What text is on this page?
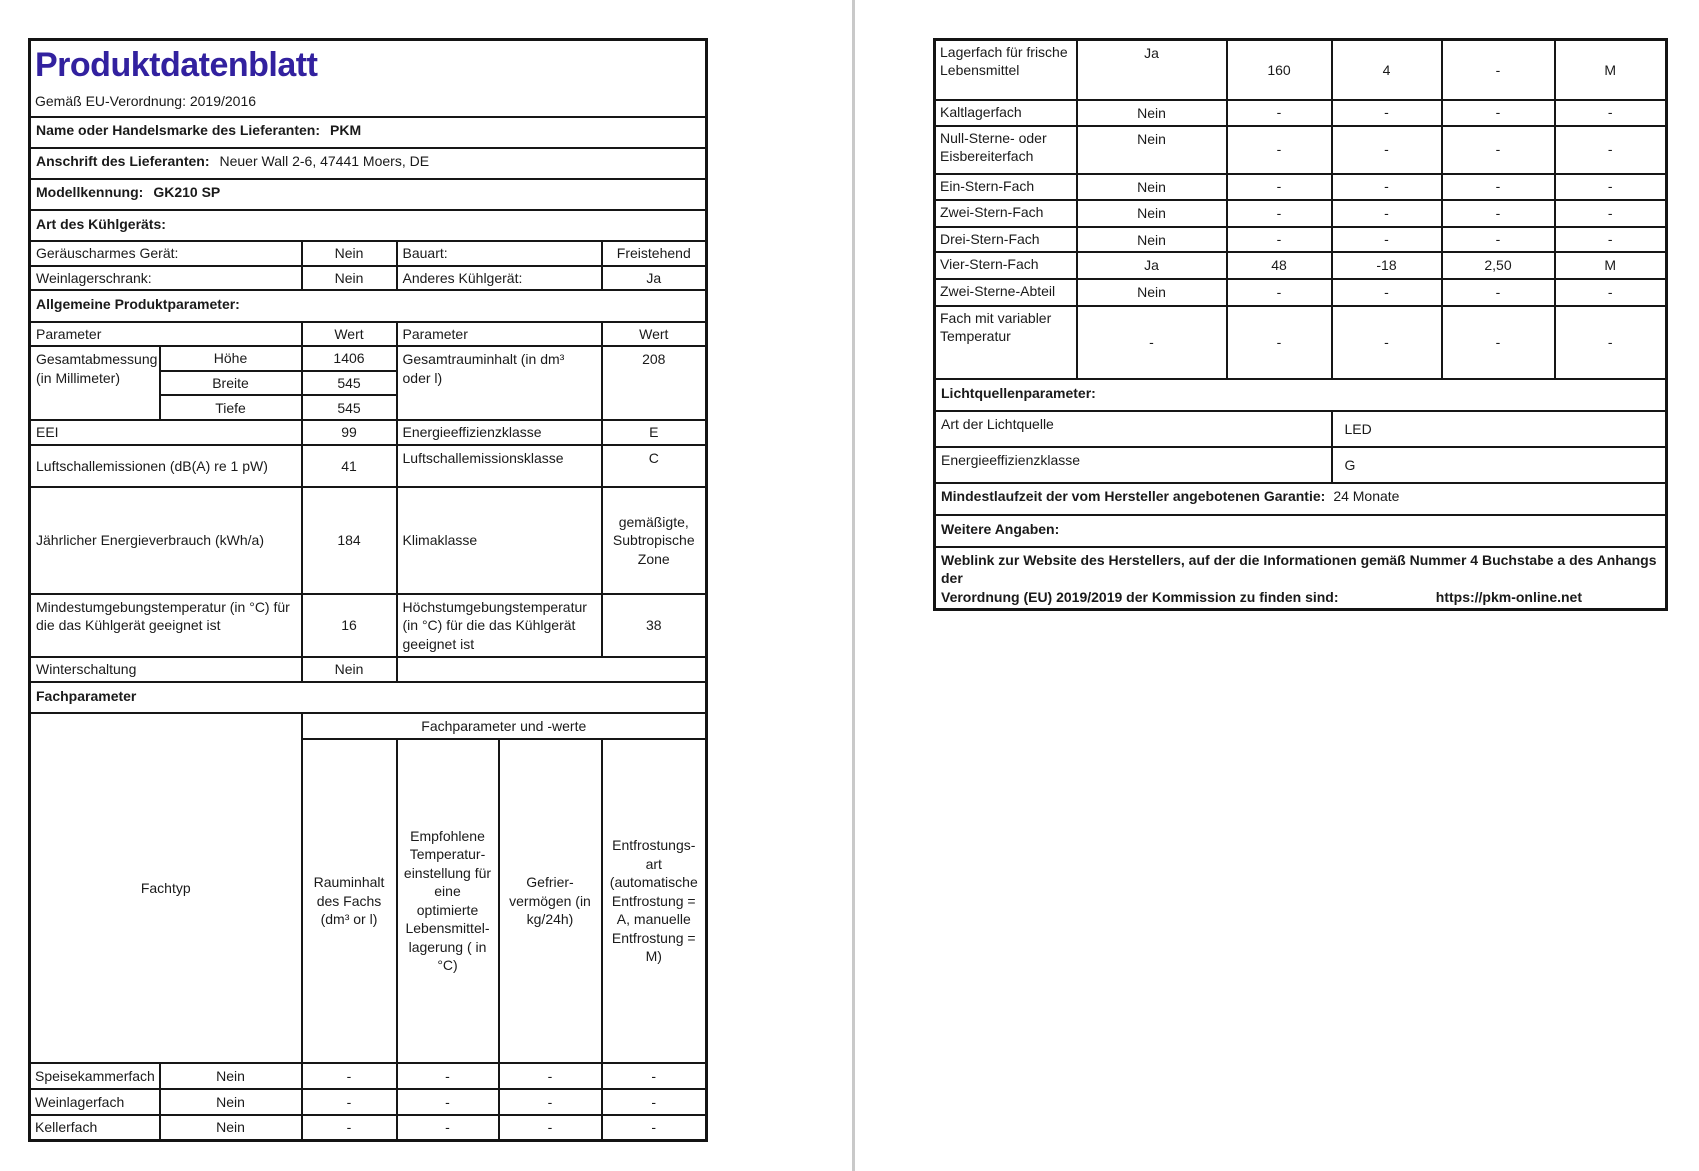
Produktdatenblatt
Gemäß EU-Verordnung: 2019/2016					

Name oder Handelsmarke des Lieferanten: PKM					
Anschrift des Lieferanten: Neuer Wall 2-6, 47441 Moers, DE					
Modellkennung: GK210 SP					
Art des Kühlgeräts:					
Geräuscharmes Gerät:		Nein	Bauart:		Freistehend
Weinlagerschrank:		Nein	Anderes Kühlgerät:		Ja
Allgemeine Produktparameter:					
Parameter		Wert	Parameter		Wert
Gesamtabmessung (in Millimeter)	Höhe	1406	Gesamtrauminhalt (in dm³ oder l)		208
	Breite	545			
	Tiefe	545			
EEI		99	Energieeffizienzklasse		E
Luftschallemissionen (dB(A) re 1 pW)		41	Luftschallemissionsklasse		C
Jährlicher Energieverbrauch (kWh/a)		184	Klimaklasse		gemäßigte, Subtropische Zone
Mindestumgebungstemperatur (in °C) für die das Kühlgerät geeignet ist		16	Höchstumgebungstemperatur (in °C) für die das Kühlgerät geeignet ist		38
Winterschaltung		Nein			
Fachparameter					
Fachtyp		Fachparameter und -werte			
		Rauminhalt des Fachs (dm³ or l)	Empfohlene Temperatur-einstellung für eine optimierte Lebensmittel-lagerung ( in °C)	Gefrier-vermögen (in kg/24h)	Entfrostungs-art (automatische Entfrostung = A, manuelle Entfrostung = M)
Speisekammerfach	Nein	-	-	-	-
Weinlagerfach	Nein	-	-	-	-
Kellerfach	Nein	-	-	-	-
Lagerfach für frische Lebensmittel	Ja	160	4	-	M
Kaltlagerfach	Nein	-	-	-	-
Null-Sterne- oder Eisbereiterfach	Nein	-	-	-	-
Ein-Stern-Fach	Nein	-	-	-	-
Zwei-Stern-Fach	Nein	-	-	-	-
Drei-Stern-Fach	Nein	-	-	-	-
Vier-Stern-Fach	Ja	48	-18	2,50	M
Zwei-Sterne-Abteil	Nein	-	-	-	-
Fach mit variabler Temperatur	-	-	-	-	-
Lichtquellenparameter:					
Art der Lichtquelle			LED		
Energieeffizienzklasse			G		
Mindestlaufzeit der vom Hersteller angebotenen Garantie: 24 Monate					
Weitere Angaben:					

Weblink zur Website des Herstellers, auf der die Informationen gemäß Nummer 4 Buchstabe a des Anhangs der
Verordnung (EU) 2019/2019 der Kommission zu finden sind: https://pkm-online.net					
